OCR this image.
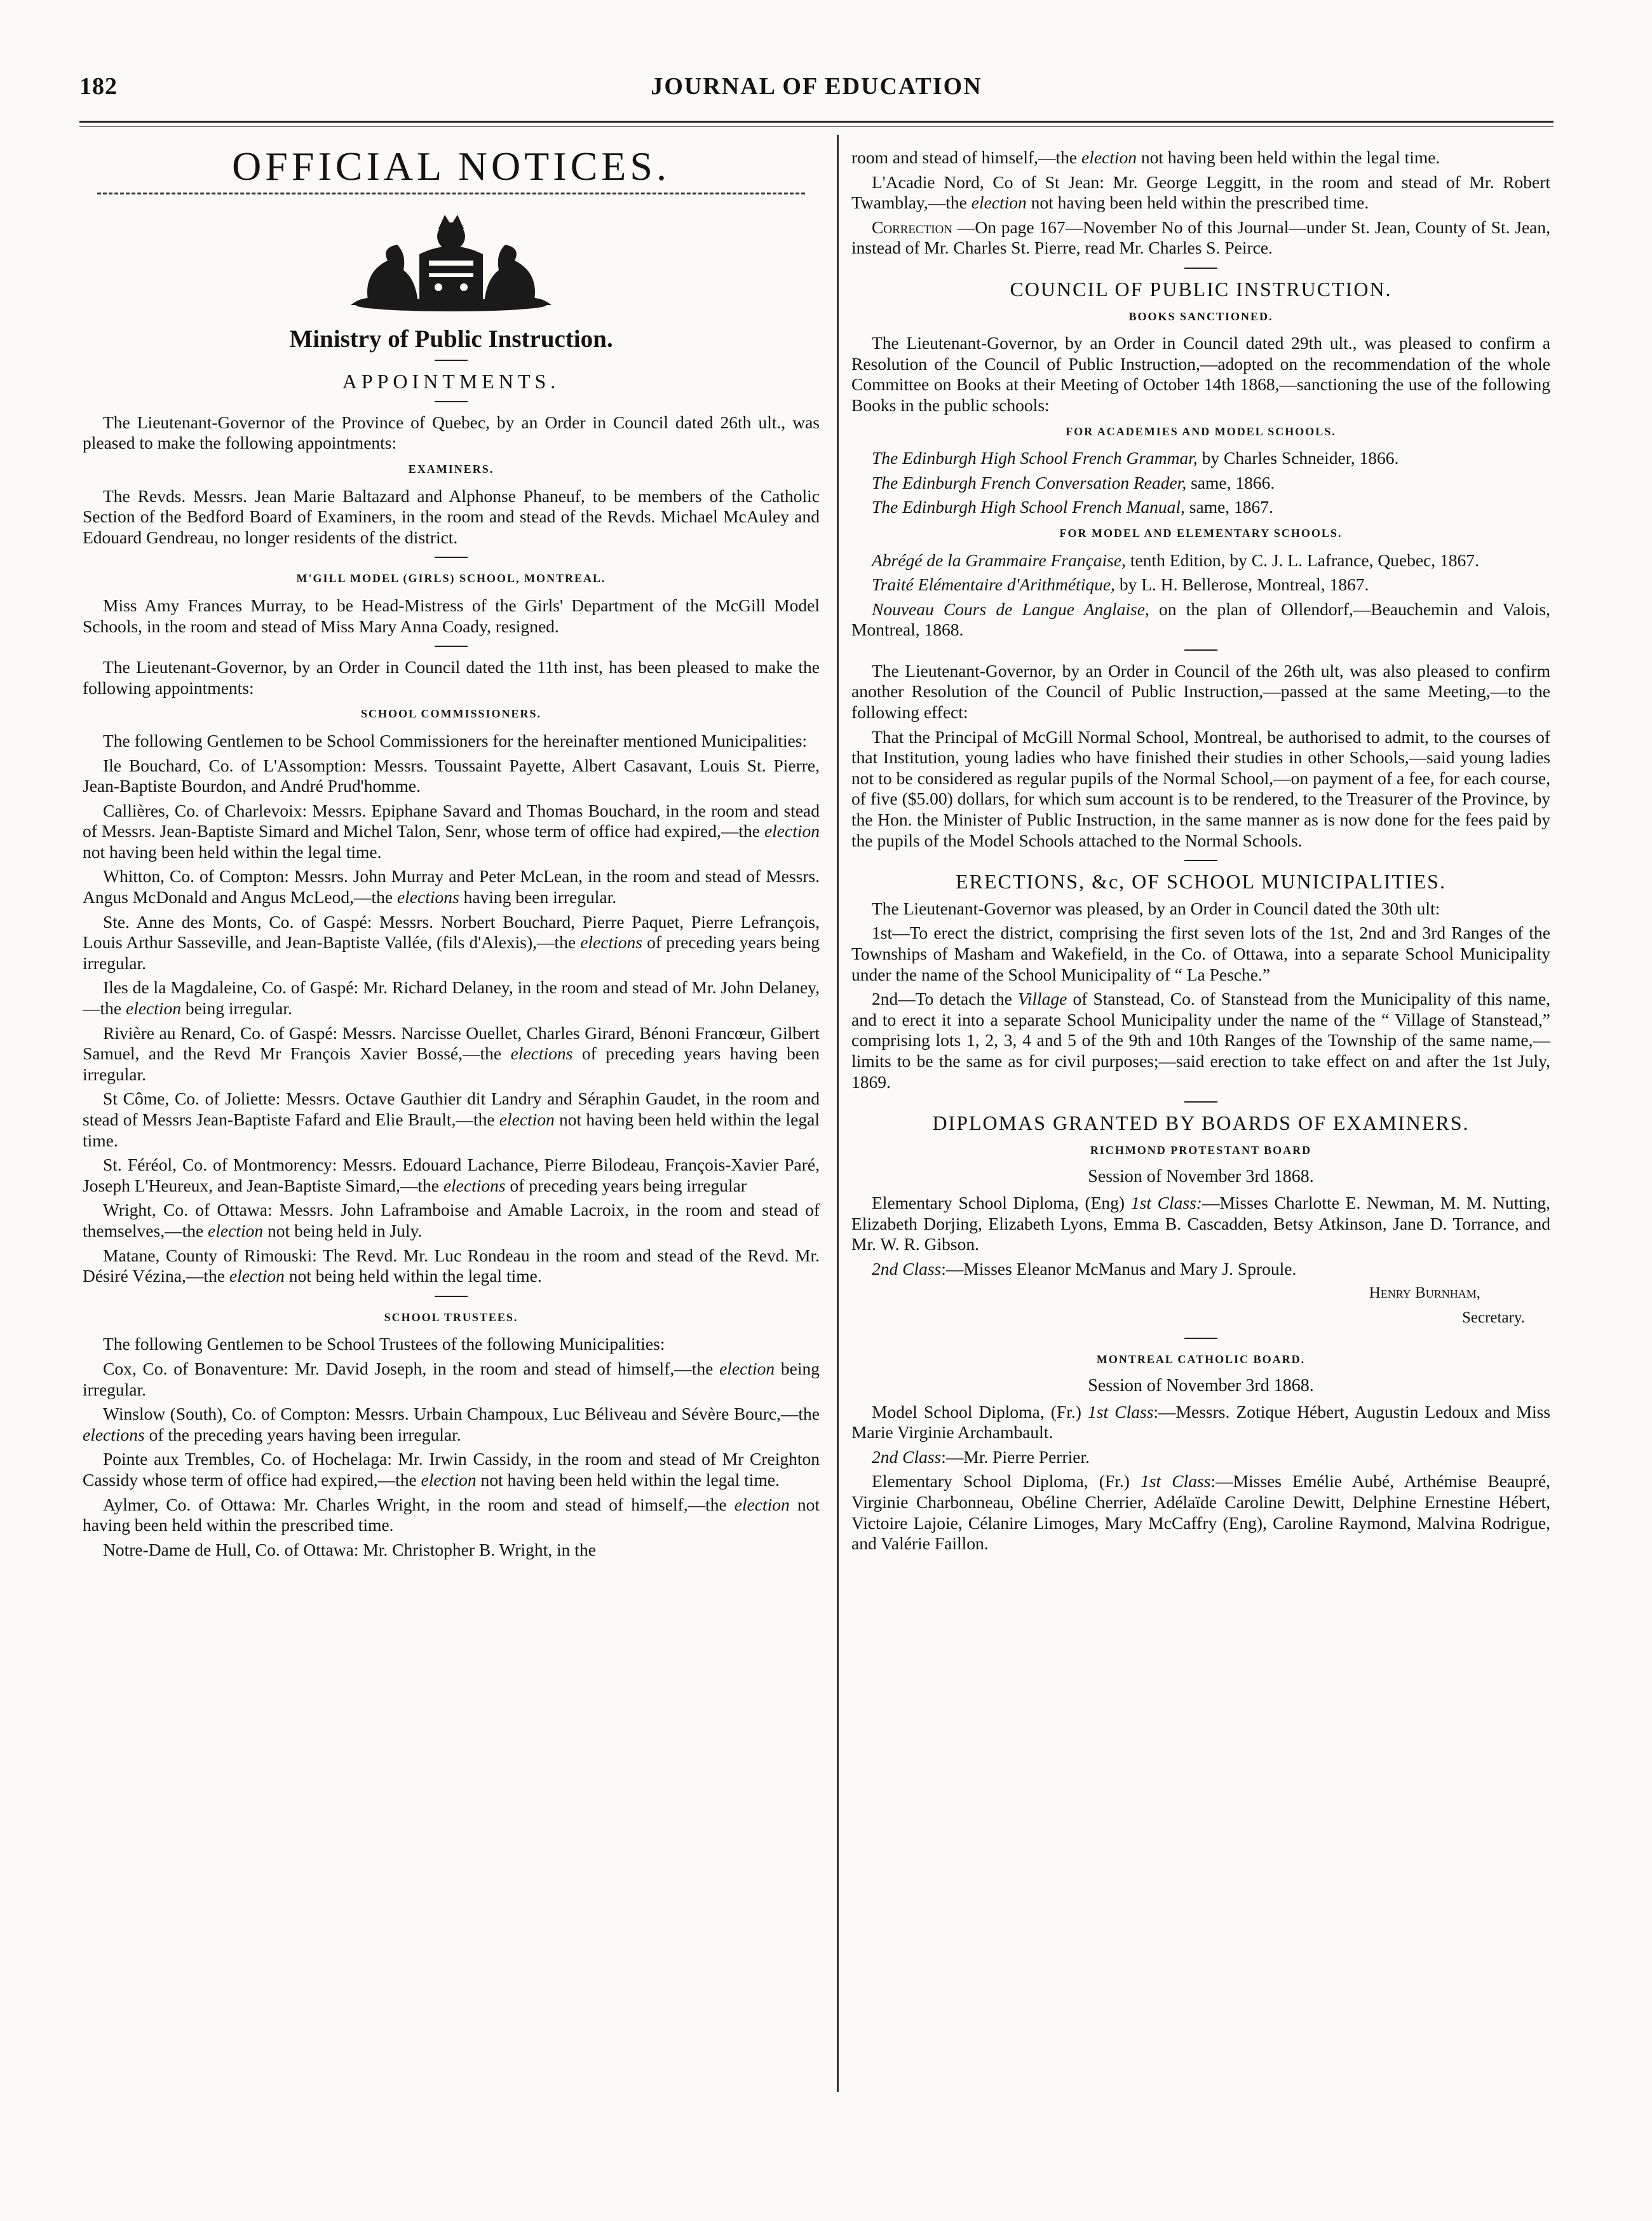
182	JOURNAL OF EDUCATION
OFFICIAL NOTICES.
Ministry of Public Instruction.
APPOINTMENTS.

The Lieutenant-Governor of the Province of Quebec, by an Order in Council dated 26th ult., was pleased to make the following appointments:

EXAMINERS.

The Revds. Messrs. Jean Marie Baltazard and Alphonse Phaneuf, to be members of the Catholic Section of the Bedford Board of Examiners, in the room and stead of the Revds. Michael McAuley and Edouard Gendreau, no longer residents of the district.

M'GILL MODEL (GIRLS) SCHOOL, MONTREAL.

Miss Amy Frances Murray, to be Head-Mistress of the Girls' Department of the McGill Model Schools, in the room and stead of Miss Mary Anna Coady, resigned.

The Lieutenant-Governor, by an Order in Council dated the 11th inst, has been pleased to make the following appointments:

SCHOOL COMMISSIONERS.

The following Gentlemen to be School Commissioners for the hereinafter mentioned Municipalities:

Ile Bouchard, Co. of L'Assomption: Messrs. Toussaint Payette, Albert Casavant, Louis St. Pierre, Jean-Baptiste Bourdon, and André Prud'homme.

Callières, Co. of Charlevoix: Messrs. Epiphane Savard and Thomas Bouchard, in the room and stead of Messrs. Jean-Baptiste Simard and Michel Talon, Senr, whose term of office had expired,—the election not having been held within the legal time.

Whitton, Co. of Compton: Messrs. John Murray and Peter McLean, in the room and stead of Messrs. Angus McDonald and Angus McLeod,—the elections having been irregular.

Ste. Anne des Monts, Co. of Gaspé: Messrs. Norbert Bouchard, Pierre Paquet, Pierre Lefrançois, Louis Arthur Sasseville, and Jean-Baptiste Vallée, (fils d'Alexis),—the elections of preceding years being irregular.

Iles de la Magdaleine, Co. of Gaspé: Mr. Richard Delaney, in the room and stead of Mr. John Delaney,—the election being irregular.

Rivière au Renard, Co. of Gaspé: Messrs. Narcisse Ouellet, Charles Girard, Bénoni Francœur, Gilbert Samuel, and the Revd Mr François Xavier Bossé,—the elections of preceding years having been irregular.

St Côme, Co. of Joliette: Messrs. Octave Gauthier dit Landry and Séraphin Gaudet, in the room and stead of Messrs Jean-Baptiste Fafard and Elie Brault,—the election not having been held within the legal time.

St. Féréol, Co. of Montmorency: Messrs. Edouard Lachance, Pierre Bilodeau, François-Xavier Paré, Joseph L'Heureux, and Jean-Baptiste Simard,—the elections of preceding years being irregular

Wright, Co. of Ottawa: Messrs. John Laframboise and Amable Lacroix, in the room and stead of themselves,—the election not being held in July.

Matane, County of Rimouski: The Revd. Mr. Luc Rondeau in the room and stead of the Revd. Mr. Désiré Vézina,—the election not being held within the legal time.

SCHOOL TRUSTEES.

The following Gentlemen to be School Trustees of the following Municipalities:

Cox, Co. of Bonaventure: Mr. David Joseph, in the room and stead of himself,—the election being irregular.

Winslow (South), Co. of Compton: Messrs. Urbain Champoux, Luc Béliveau and Sévère Bourc,—the elections of the preceding years having been irregular.

Pointe aux Trembles, Co. of Hochelaga: Mr. Irwin Cassidy, in the room and stead of Mr Creighton Cassidy whose term of office had expired,—the election not having been held within the legal time.

Aylmer, Co. of Ottawa: Mr. Charles Wright, in the room and stead of himself,—the election not having been held within the prescribed time.

Notre-Dame de Hull, Co. of Ottawa: Mr. Christopher B. Wright, in the

room and stead of himself,—the election not having been held within the legal time.

L'Acadie Nord, Co of St Jean: Mr. George Leggitt, in the room and stead of Mr. Robert Twamblay,—the election not having been held within the prescribed time.

Correction —On page 167—November No of this Journal—under St. Jean, County of St. Jean, instead of Mr. Charles St. Pierre, read Mr. Charles S. Peirce.

COUNCIL OF PUBLIC INSTRUCTION.
BOOKS SANCTIONED.

The Lieutenant-Governor, by an Order in Council dated 29th ult., was pleased to confirm a Resolution of the Council of Public Instruction,—adopted on the recommendation of the whole Committee on Books at their Meeting of October 14th 1868,—sanctioning the use of the following Books in the public schools:

FOR ACADEMIES AND MODEL SCHOOLS.

The Edinburgh High School French Grammar, by Charles Schneider, 1866.

The Edinburgh French Conversation Reader, same, 1866.

The Edinburgh High School French Manual, same, 1867.

FOR MODEL AND ELEMENTARY SCHOOLS.

Abrégé de la Grammaire Française, tenth Edition, by C. J. L. Lafrance, Quebec, 1867.

Traité Elémentaire d'Arithmétique, by L. H. Bellerose, Montreal, 1867.

Nouveau Cours de Langue Anglaise, on the plan of Ollendorf,—Beauchemin and Valois, Montreal, 1868.

The Lieutenant-Governor, by an Order in Council of the 26th ult, was also pleased to confirm another Resolution of the Council of Public Instruction,—passed at the same Meeting,—to the following effect:

That the Principal of McGill Normal School, Montreal, be authorised to admit, to the courses of that Institution, young ladies who have finished their studies in other Schools,—said young ladies not to be considered as regular pupils of the Normal School,—on payment of a fee, for each course, of five ($5.00) dollars, for which sum account is to be rendered, to the Treasurer of the Province, by the Hon. the Minister of Public Instruction, in the same manner as is now done for the fees paid by the pupils of the Model Schools attached to the Normal Schools.

ERECTIONS, &c, OF SCHOOL MUNICIPALITIES.

The Lieutenant-Governor was pleased, by an Order in Council dated the 30th ult:

1st—To erect the district, comprising the first seven lots of the 1st, 2nd and 3rd Ranges of the Townships of Masham and Wakefield, in the Co. of Ottawa, into a separate School Municipality under the name of the School Municipality of “ La Pesche.”

2nd—To detach the Village of Stanstead, Co. of Stanstead from the Municipality of this name, and to erect it into a separate School Municipality under the name of the “ Village of Stanstead,” comprising lots 1, 2, 3, 4 and 5 of the 9th and 10th Ranges of the Township of the same name,—limits to be the same as for civil purposes;—said erection to take effect on and after the 1st July, 1869.

DIPLOMAS GRANTED BY BOARDS OF EXAMINERS.
RICHMOND PROTESTANT BOARD
Session of November 3rd 1868.

Elementary School Diploma, (Eng) 1st Class:—Misses Charlotte E. Newman, M. M. Nutting, Elizabeth Dorjing, Elizabeth Lyons, Emma B. Cascadden, Betsy Atkinson, Jane D. Torrance, and Mr. W. R. Gibson.

2nd Class:—Misses Eleanor McManus and Mary J. Sproule.

Henry Burnham,

Secretary.

MONTREAL CATHOLIC BOARD.
Session of November 3rd 1868.

Model School Diploma, (Fr.) 1st Class:—Messrs. Zotique Hébert, Augustin Ledoux and Miss Marie Virginie Archambault.

2nd Class:—Mr. Pierre Perrier.

Elementary School Diploma, (Fr.) 1st Class:—Misses Emélie Aubé, Arthémise Beaupré, Virginie Charbonneau, Obéline Cherrier, Adélaïde Caroline Dewitt, Delphine Ernestine Hébert, Victoire Lajoie, Célanire Limoges, Mary McCaffry (Eng), Caroline Raymond, Malvina Rodrigue, and Valérie Faillon.
